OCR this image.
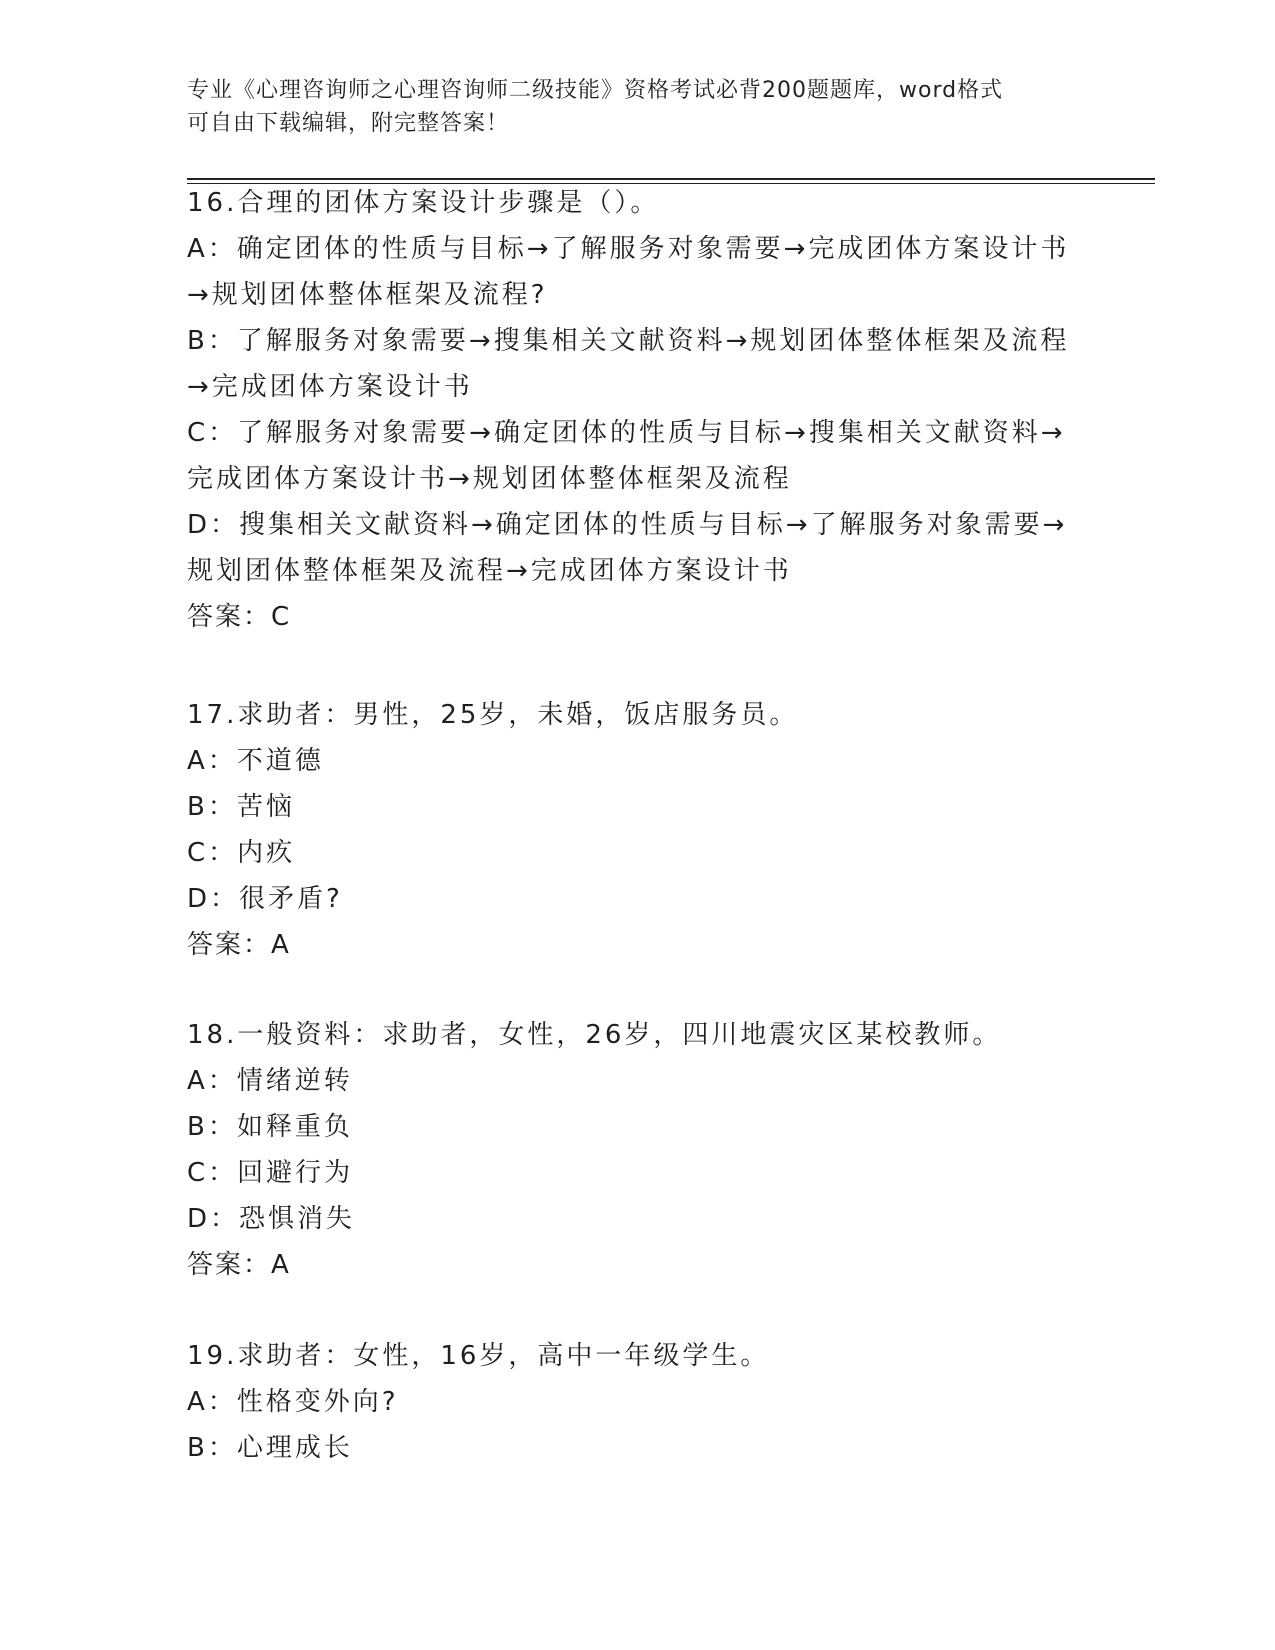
专业《心理咨询师之心理咨询师二级技能》资格考试必背200题题库，word格式
可自由下载编辑，附完整答案！
16.合理的团体方案设计步骤是（）。
A：确定团体的性质与目标→了解服务对象需要→完成团体方案设计书
→规划团体整体框架及流程?
B：了解服务对象需要→搜集相关文献资料→规划团体整体框架及流程
→完成团体方案设计书
C：了解服务对象需要→确定团体的性质与目标→搜集相关文献资料→
完成团体方案设计书→规划团体整体框架及流程
D：搜集相关文献资料→确定团体的性质与目标→了解服务对象需要→
规划团体整体框架及流程→完成团体方案设计书
答案：C
17.求助者：男性，25岁，未婚，饭店服务员。
A：不道德
B：苦恼
C：内疚
D：很矛盾?
答案：A
18.一般资料：求助者，女性，26岁，四川地震灾区某校教师。
A：情绪逆转
B：如释重负
C：回避行为
D：恐惧消失
答案：A
19.求助者：女性，16岁，高中一年级学生。
A：性格变外向?
B：心理成长
